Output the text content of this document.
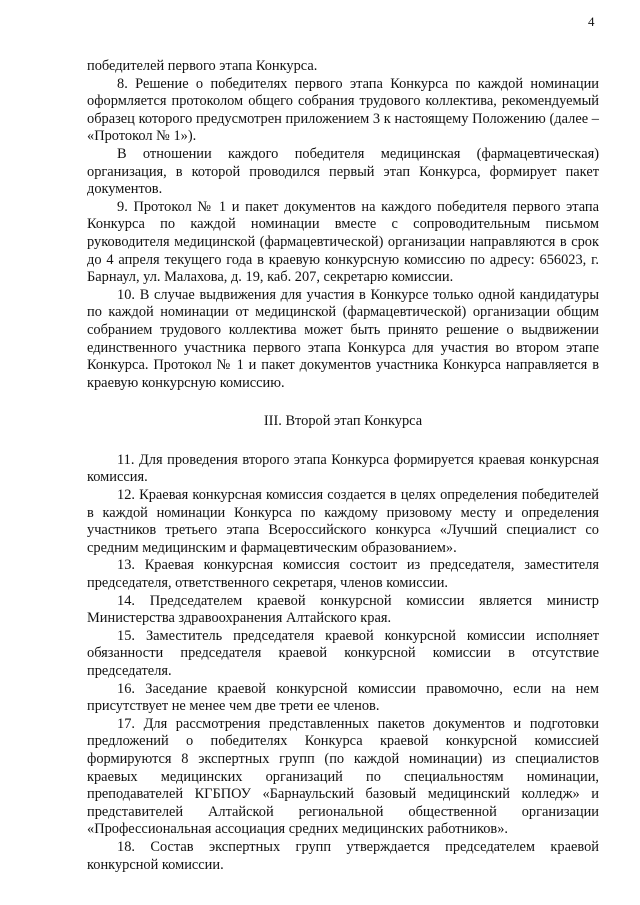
4

победителей первого этапа Конкурса.

8. Решение о победителях первого этапа Конкурса по каждой номинации оформляется протоколом общего собрания трудового коллектива, рекомендуемый образец которого предусмотрен приложением 3 к настоящему Положению (далее – «Протокол № 1»).

В отношении каждого победителя медицинская (фармацевтическая) организация, в которой проводился первый этап Конкурса, формирует пакет документов.

9. Протокол № 1 и пакет документов на каждого победителя первого этапа Конкурса по каждой номинации вместе с сопроводительным письмом руководителя медицинской (фармацевтической) организации направляются в срок до 4 апреля текущего года в краевую конкурсную комиссию по адресу: 656023, г. Барнаул, ул. Малахова, д. 19, каб. 207, секретарю комиссии.

10. В случае выдвижения для участия в Конкурсе только одной кандидатуры по каждой номинации от медицинской (фармацевтической) организации общим собранием трудового коллектива может быть принято решение о выдвижении единственного участника первого этапа Конкурса для участия во втором этапе Конкурса. Протокол № 1 и пакет документов участника Конкурса направляется в краевую конкурсную комиссию.

III. Второй этап Конкурса

11. Для проведения второго этапа Конкурса формируется краевая конкурсная комиссия.

12. Краевая конкурсная комиссия создается в целях определения победителей в каждой номинации Конкурса по каждому призовому месту и определения участников третьего этапа Всероссийского конкурса «Лучший специалист со средним медицинским и фармацевтическим образованием».

13. Краевая конкурсная комиссия состоит из председателя, заместителя председателя, ответственного секретаря, членов комиссии.

14. Председателем краевой конкурсной комиссии является министр Министерства здравоохранения Алтайского края.

15. Заместитель председателя краевой конкурсной комиссии исполняет обязанности председателя краевой конкурсной комиссии в отсутствие председателя.

16. Заседание краевой конкурсной комиссии правомочно, если на нем присутствует не менее чем две трети ее членов.

17. Для рассмотрения представленных пакетов документов и подготовки предложений о победителях Конкурса краевой конкурсной комиссией формируются 8 экспертных групп (по каждой номинации) из специалистов краевых медицинских организаций по специальностям номинации, преподавателей КГБПОУ «Барнаульский базовый медицинский колледж» и представителей Алтайской региональной общественной организации «Профессиональная ассоциация средних медицинских работников».

18. Состав экспертных групп утверждается председателем краевой конкурсной комиссии.
